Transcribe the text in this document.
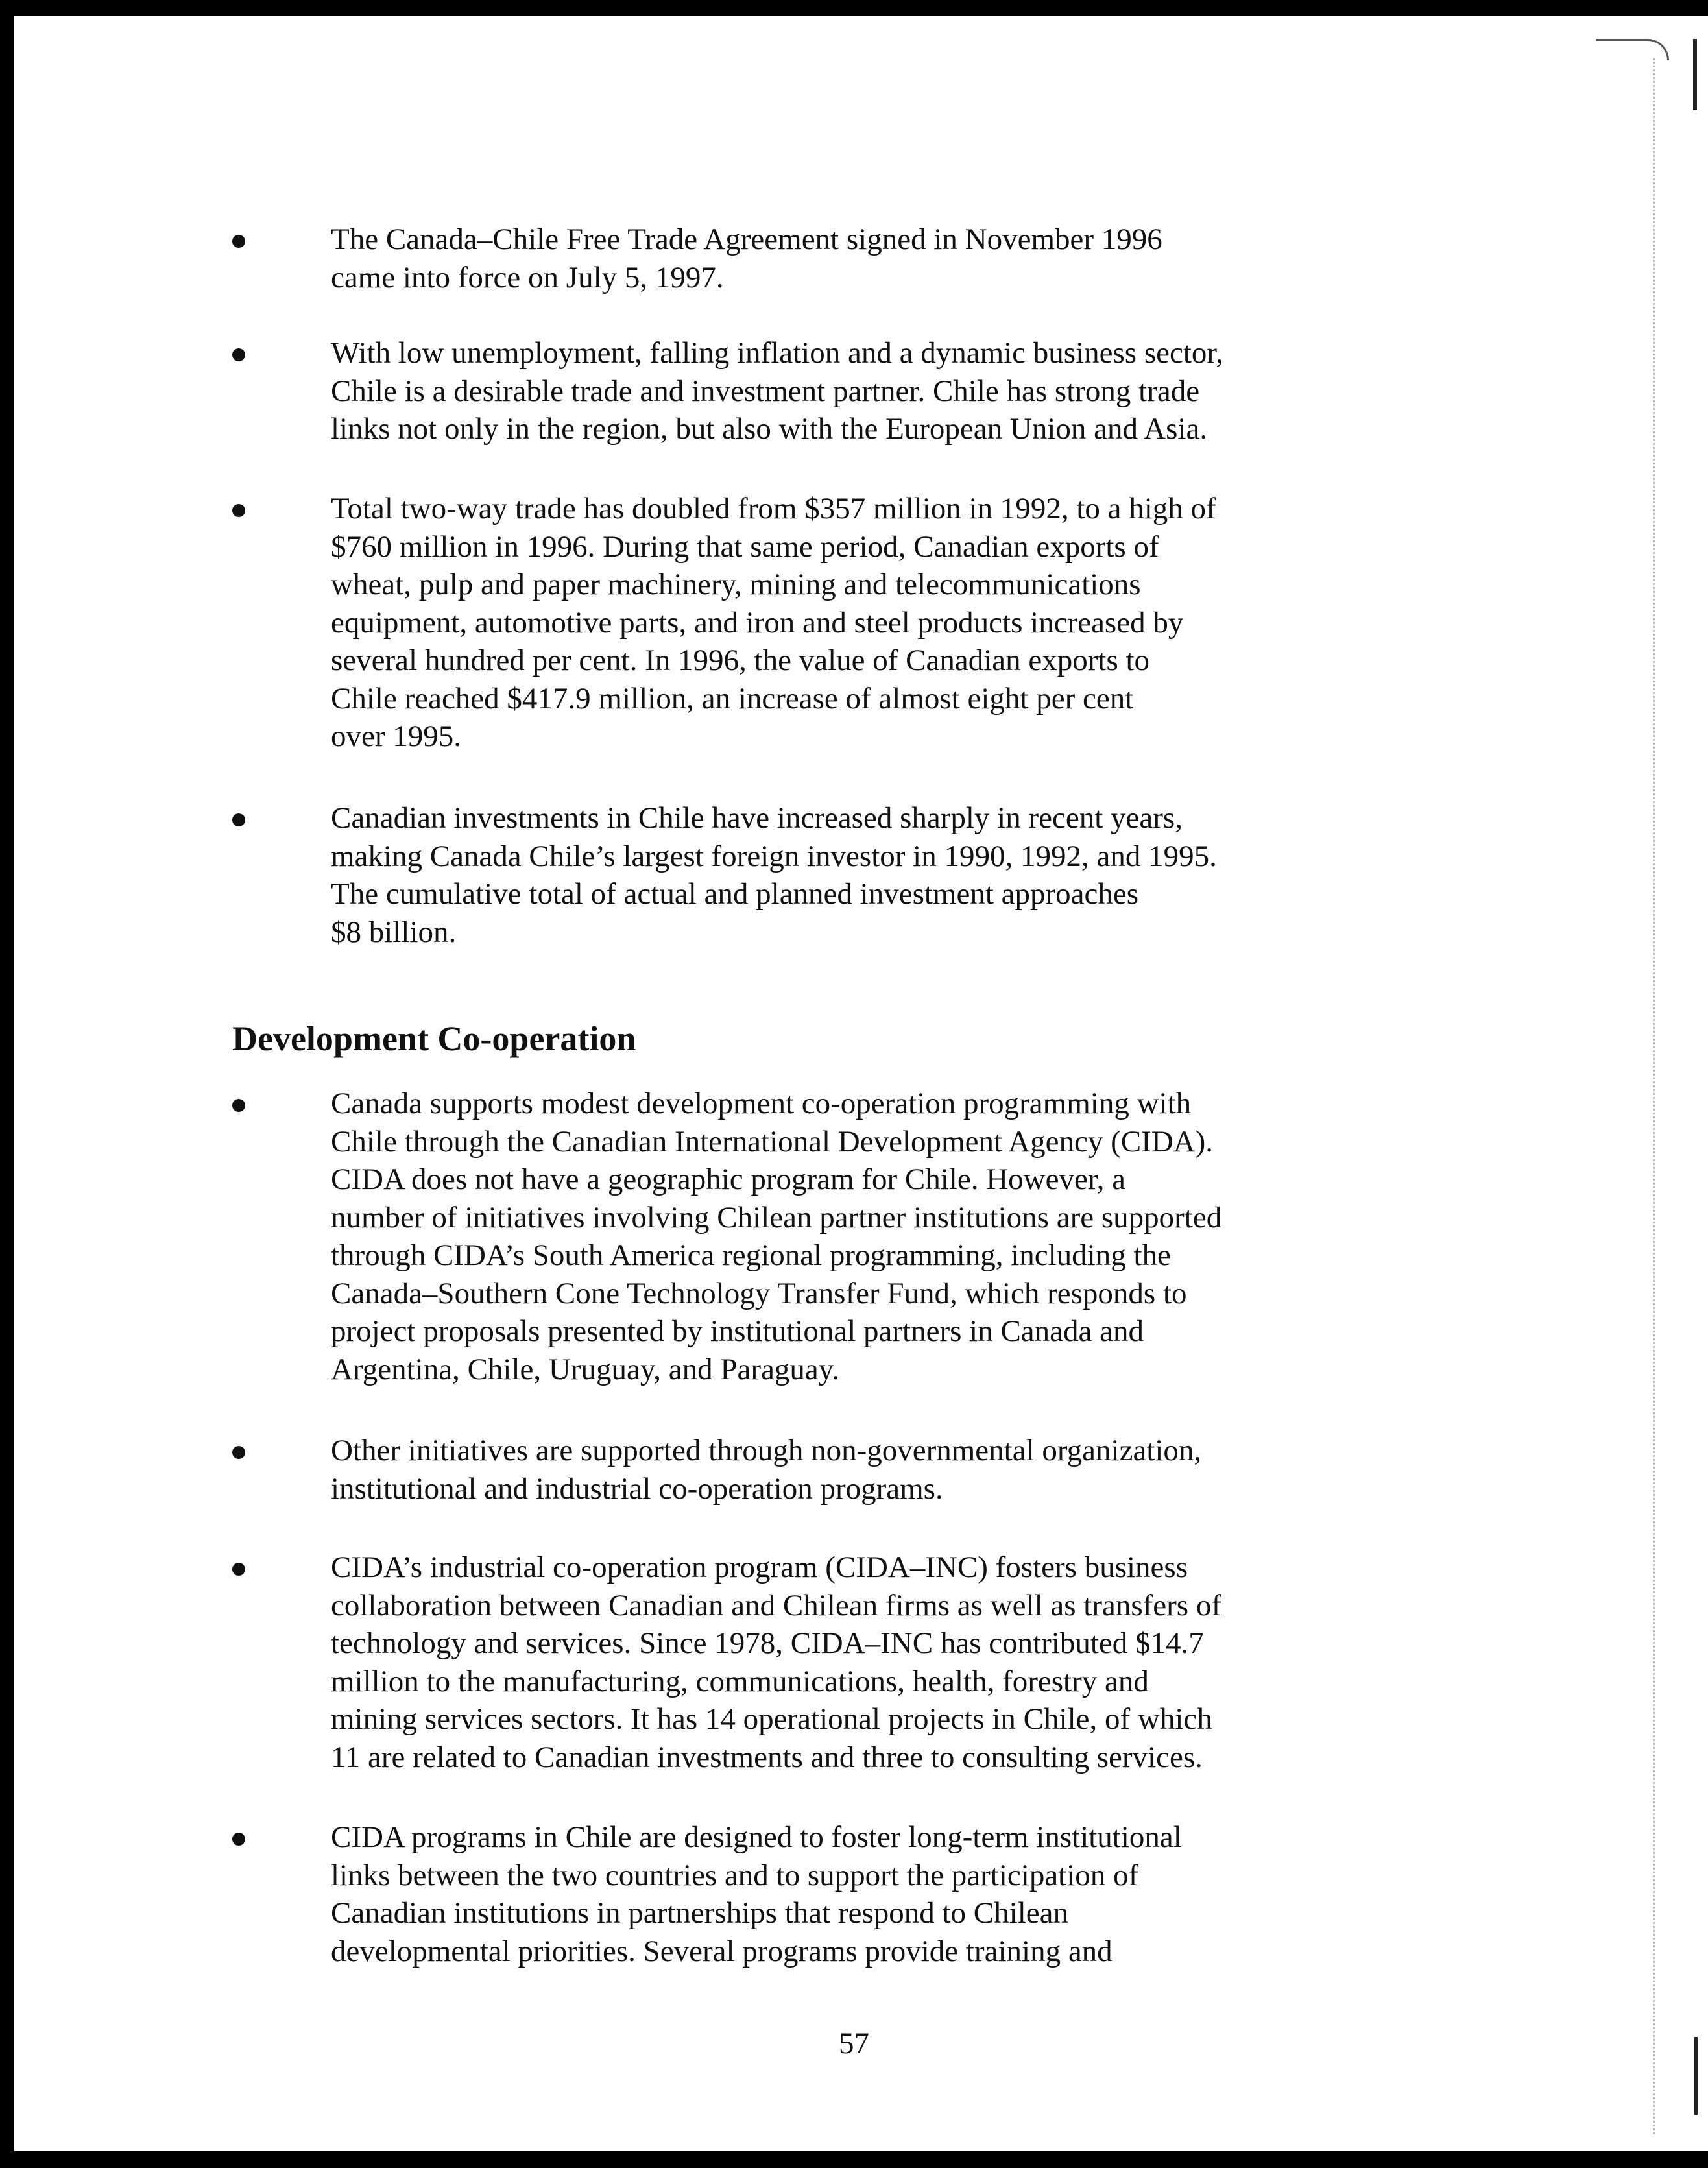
The Canada–Chile Free Trade Agreement signed in November 1996
came into force on July 5, 1997.

With low unemployment, falling inflation and a dynamic business sector,
Chile is a desirable trade and investment partner. Chile has strong trade
links not only in the region, but also with the European Union and Asia.

Total two-way trade has doubled from $357 million in 1992, to a high of
$760 million in 1996. During that same period, Canadian exports of
wheat, pulp and paper machinery, mining and telecommunications
equipment, automotive parts, and iron and steel products increased by
several hundred per cent. In 1996, the value of Canadian exports to
Chile reached $417.9 million, an increase of almost eight per cent
over 1995.

Canadian investments in Chile have increased sharply in recent years,
making Canada Chile’s largest foreign investor in 1990, 1992, and 1995.
The cumulative total of actual and planned investment approaches
$8 billion.

Development Co-operation

Canada supports modest development co-operation programming with
Chile through the Canadian International Development Agency (CIDA).
CIDA does not have a geographic program for Chile. However, a
number of initiatives involving Chilean partner institutions are supported
through CIDA’s South America regional programming, including the
Canada–Southern Cone Technology Transfer Fund, which responds to
project proposals presented by institutional partners in Canada and
Argentina, Chile, Uruguay, and Paraguay.

Other initiatives are supported through non-governmental organization,
institutional and industrial co-operation programs.

CIDA’s industrial co-operation program (CIDA–INC) fosters business
collaboration between Canadian and Chilean firms as well as transfers of
technology and services. Since 1978, CIDA–INC has contributed $14.7
million to the manufacturing, communications, health, forestry and
mining services sectors. It has 14 operational projects in Chile, of which
11 are related to Canadian investments and three to consulting services.

CIDA programs in Chile are designed to foster long-term institutional
links between the two countries and to support the participation of
Canadian institutions in partnerships that respond to Chilean
developmental priorities. Several programs provide training and

57
